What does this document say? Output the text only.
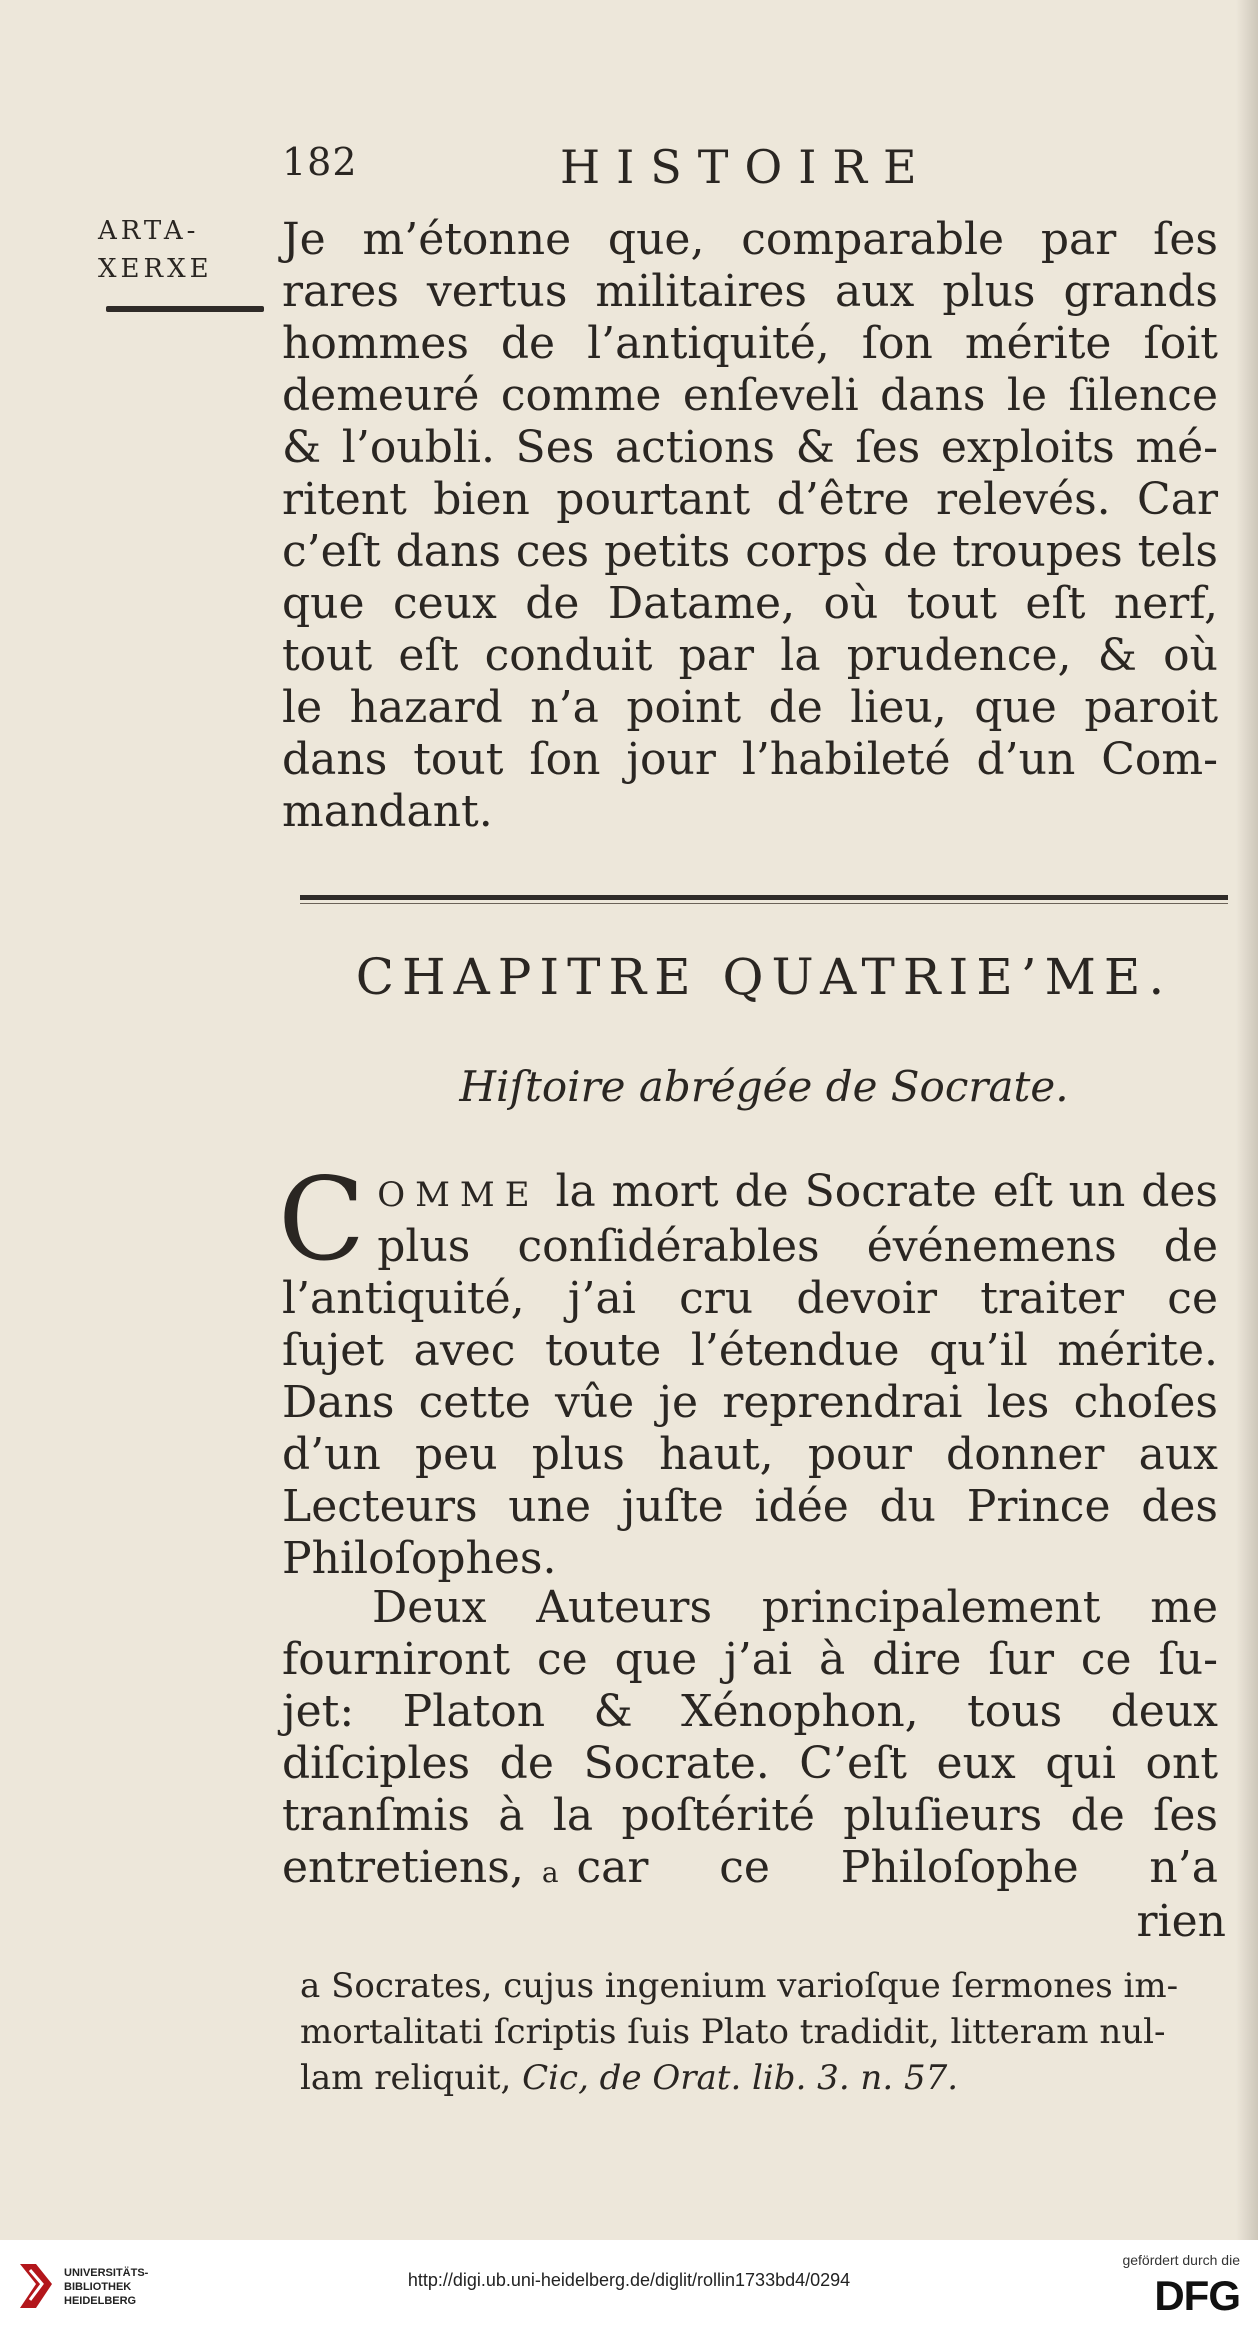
182	HISTOIRE
ARTA-
XERXE
Je m’étonne que, comparable par ſes
rares vertus militaires aux plus grands
hommes de l’antiquité, ſon mérite ſoit
demeuré comme enſeveli dans le ſilence
& l’oubli. Ses actions & ſes exploits mé-
ritent bien pourtant d’être relevés. Car
c’eſt dans ces petits corps de troupes tels
que ceux de Datame, où tout eſt nerf,
tout eſt conduit par la prudence, & où
le hazard n’a point de lieu, que paroit
dans tout ſon jour l’habileté d’un Com-
mandant.
CHAPITRE QUATRIE’ME.
Hiſtoire abrégée de Socrate.
C OMME la mort de Socrate eſt un des
plus conſidérables événemens de
l’antiquité, j’ai cru devoir traiter ce
ſujet avec toute l’étendue qu’il mérite.
Dans cette vûe je reprendrai les choſes
d’un peu plus haut, pour donner aux
Lecteurs une juſte idée du Prince des
Philoſophes.
Deux Auteurs principalement me
fourniront ce que j’ai à dire ſur ce ſu-
jet: Platon & Xénophon, tous deux
diſciples de Socrate. C’eſt eux qui ont
tranſmis à la poſtérité pluſieurs de ſes
entretiens, a car ce Philoſophe n’a
rien
a Socrates, cujus ingenium varioſque ſermones im-
mortalitati ſcriptis ſuis Plato tradidit, litteram nul-
lam reliquit, Cic, de Orat. lib. 3. n. 57.
UNIVERSITÄTS-
BIBLIOTHEK
HEIDELBERG
http://digi.ub.uni-heidelberg.de/diglit/rollin1733bd4/0294
gefördert durch die
DFG
